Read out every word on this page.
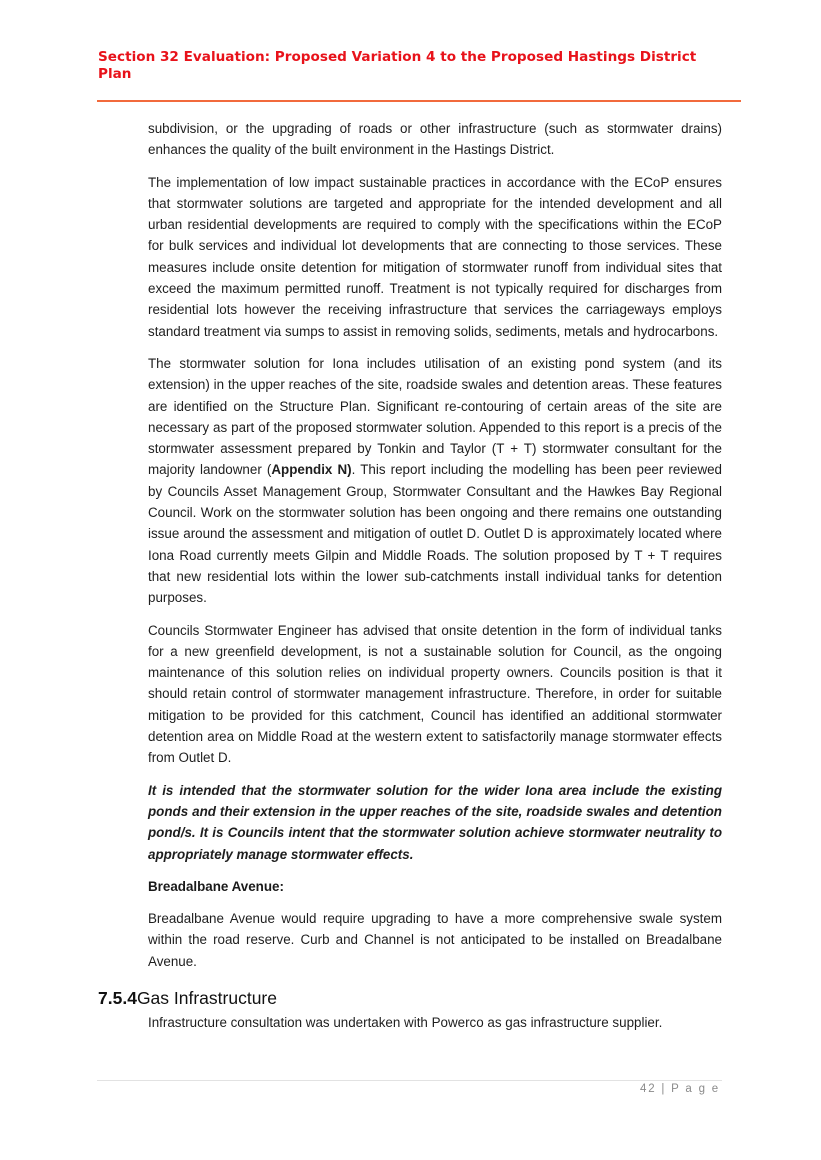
Section 32 Evaluation: Proposed Variation 4 to the Proposed Hastings District Plan

subdivision, or the upgrading of roads or other infrastructure (such as stormwater drains) enhances the quality of the built environment in the Hastings District.

The implementation of low impact sustainable practices in accordance with the ECoP ensures that stormwater solutions are targeted and appropriate for the intended development and all urban residential developments are required to comply with the specifications within the ECoP for bulk services and individual lot developments that are connecting to those services. These measures include onsite detention for mitigation of stormwater runoff from individual sites that exceed the maximum permitted runoff. Treatment is not typically required for discharges from residential lots however the receiving infrastructure that services the carriageways employs standard treatment via sumps to assist in removing solids, sediments, metals and hydrocarbons.

The stormwater solution for Iona includes utilisation of an existing pond system (and its extension) in the upper reaches of the site, roadside swales and detention areas. These features are identified on the Structure Plan. Significant re-contouring of certain areas of the site are necessary as part of the proposed stormwater solution. Appended to this report is a precis of the stormwater assessment prepared by Tonkin and Taylor (T + T) stormwater consultant for the majority landowner (Appendix N). This report including the modelling has been peer reviewed by Councils Asset Management Group, Stormwater Consultant and the Hawkes Bay Regional Council. Work on the stormwater solution has been ongoing and there remains one outstanding issue around the assessment and mitigation of outlet D. Outlet D is approximately located where Iona Road currently meets Gilpin and Middle Roads. The solution proposed by T + T requires that new residential lots within the lower sub-catchments install individual tanks for detention purposes.

Councils Stormwater Engineer has advised that onsite detention in the form of individual tanks for a new greenfield development, is not a sustainable solution for Council, as the ongoing maintenance of this solution relies on individual property owners. Councils position is that it should retain control of stormwater management infrastructure. Therefore, in order for suitable mitigation to be provided for this catchment, Council has identified an additional stormwater detention area on Middle Road at the western extent to satisfactorily manage stormwater effects from Outlet D.

It is intended that the stormwater solution for the wider Iona area include the existing ponds and their extension in the upper reaches of the site, roadside swales and detention pond/s. It is Councils intent that the stormwater solution achieve stormwater neutrality to appropriately manage stormwater effects.

Breadalbane Avenue:

Breadalbane Avenue would require upgrading to have a more comprehensive swale system within the road reserve. Curb and Channel is not anticipated to be installed on Breadalbane Avenue.

7.5.4Gas Infrastructure
Infrastructure consultation was undertaken with Powerco as gas infrastructure supplier.
42 | P a g e
